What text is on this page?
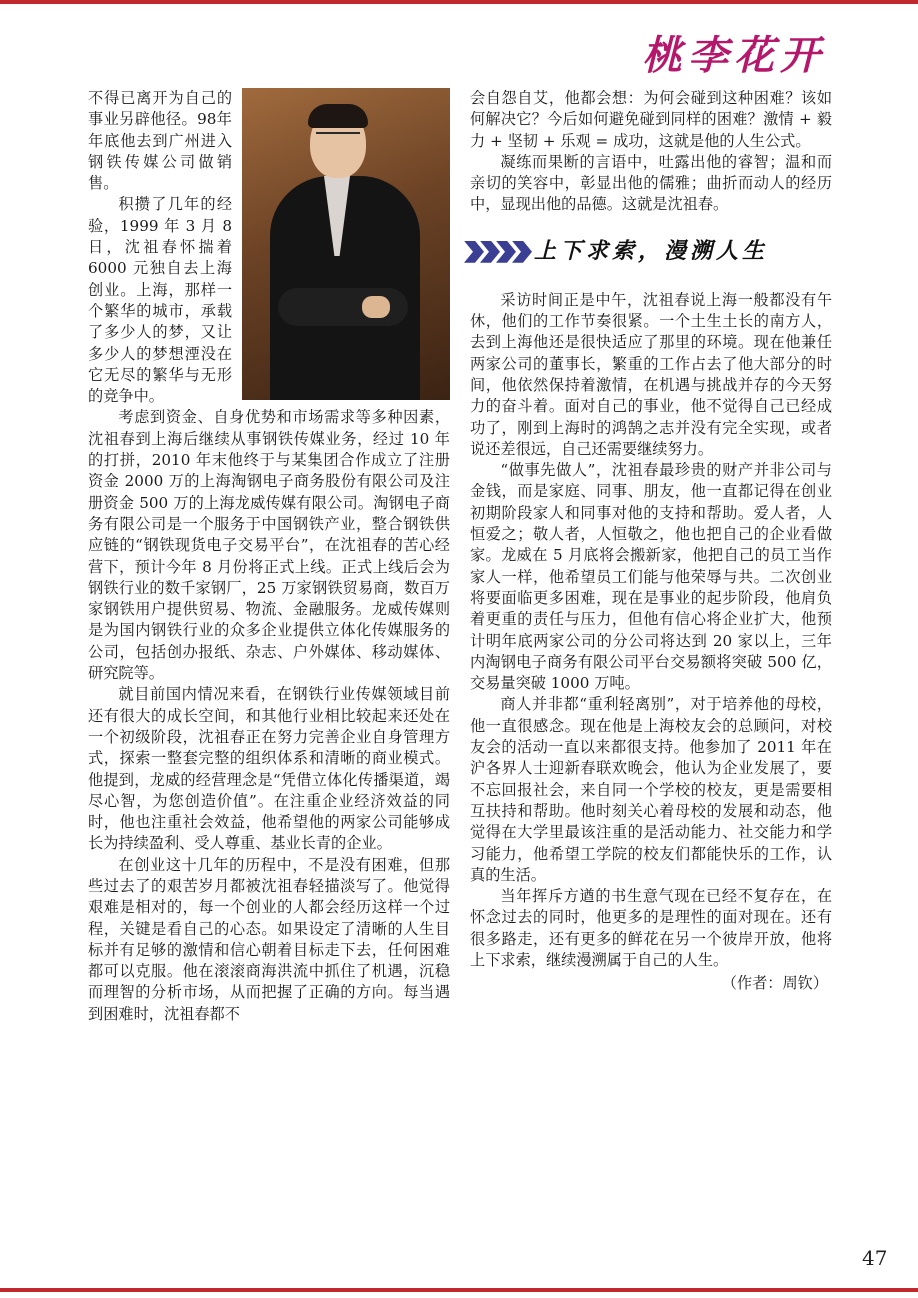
桃李花开

不得已离开为自己的事业另辟他径。98年年底他去到广州进入钢铁传媒公司做销售。

积攒了几年的经 验，1999 年 3 月 8 日，沈祖春怀揣着 6000 元独自去上海创业。上海，那样一个繁华的城市，承载了多少人的梦，又让多少人的梦想湮没在它无尽的繁华与无形的竞争中。

考虑到资金、自身优势和市场需求等多种因素，沈祖春到上海后继续从事钢铁传媒业务，经过 10 年的打拼，2010 年末他终于与某集团合作成立了注册资金 2000 万的上海淘钢电子商务股份有限公司及注册资金 500 万的上海龙威传媒有限公司。淘钢电子商务有限公司是一个服务于中国钢铁产业，整合钢铁供应链的“钢铁现货电子交易平台”，在沈祖春的苦心经营下，预计今年 8 月份将正式上线。正式上线后会为钢铁行业的数千家钢厂，25 万家钢铁贸易商，数百万家钢铁用户提供贸易、物流、金融服务。龙威传媒则是为国内钢铁行业的众多企业提供立体化传媒服务的公司，包括创办报纸、杂志、户外媒体、移动媒体、研究院等。

就目前国内情况来看，在钢铁行业传媒领域目前还有很大的成长空间，和其他行业相比较起来还处在一个初级阶段，沈祖春正在努力完善企业自身管理方式，探索一整套完整的组织体系和清晰的商业模式。他提到，龙威的经营理念是“凭借立体化传播渠道，竭尽心智，为您创造价值”。在注重企业经济效益的同时，他也注重社会效益，他希望他的两家公司能够成长为持续盈利、受人尊重、基业长青的企业。

在创业这十几年的历程中，不是没有困难，但那些过去了的艰苦岁月都被沈祖春轻描淡写了。他觉得艰难是相对的，每一个创业的人都会经历这样一个过程，关键是看自己的心态。如果设定了清晰的人生目标并有足够的激情和信心朝着目标走下去，任何困难都可以克服。他在滚滚商海洪流中抓住了机遇，沉稳而理智的分析市场，从而把握了正确的方向。每当遇到困难时，沈祖春都不

会自怨自艾，他都会想：为何会碰到这种困难？该如何解决它？今后如何避免碰到同样的困难？激情 + 毅力 + 坚韧 + 乐观 = 成功，这就是他的人生公式。

凝练而果断的言语中，吐露出他的睿智；温和而亲切的笑容中，彰显出他的儒雅；曲折而动人的经历中，显现出他的品德。这就是沈祖春。

上下求索，漫溯人生

采访时间正是中午，沈祖春说上海一般都没有午休，他们的工作节奏很紧。一个土生土长的南方人，去到上海他还是很快适应了那里的环境。现在他兼任两家公司的董事长，繁重的工作占去了他大部分的时间，他依然保持着激情，在机遇与挑战并存的今天努力的奋斗着。面对自己的事业，他不觉得自己已经成功了，刚到上海时的鸿鹄之志并没有完全实现，或者说还差很远，自己还需要继续努力。

“做事先做人”，沈祖春最珍贵的财产并非公司与金钱，而是家庭、同事、朋友，他一直都记得在创业初期阶段家人和同事对他的支持和帮助。爱人者，人恒爱之；敬人者，人恒敬之，他也把自己的企业看做家。龙威在 5 月底将会搬新家，他把自己的员工当作家人一样，他希望员工们能与他荣辱与共。二次创业将要面临更多困难，现在是事业的起步阶段，他肩负着更重的责任与压力，但他有信心将企业扩大，他预计明年底两家公司的分公司将达到 20 家以上，三年内淘钢电子商务有限公司平台交易额将突破 500 亿，交易量突破 1000 万吨。

商人并非都“重利轻离别”，对于培养他的母校，他一直很感念。现在他是上海校友会的总顾问，对校友会的活动一直以来都很支持。他参加了 2011 年在沪各界人士迎新春联欢晚会，他认为企业发展了，要不忘回报社会，来自同一个学校的校友，更是需要相互扶持和帮助。他时刻关心着母校的发展和动态，他觉得在大学里最该注重的是活动能力、社交能力和学习能力，他希望工学院的校友们都能快乐的工作，认真的生活。

当年挥斥方遒的书生意气现在已经不复存在，在怀念过去的同时，他更多的是理性的面对现在。还有很多路走，还有更多的鲜花在另一个彼岸开放，他将上下求索，继续漫溯属于自己的人生。

（作者：周钦）
47
